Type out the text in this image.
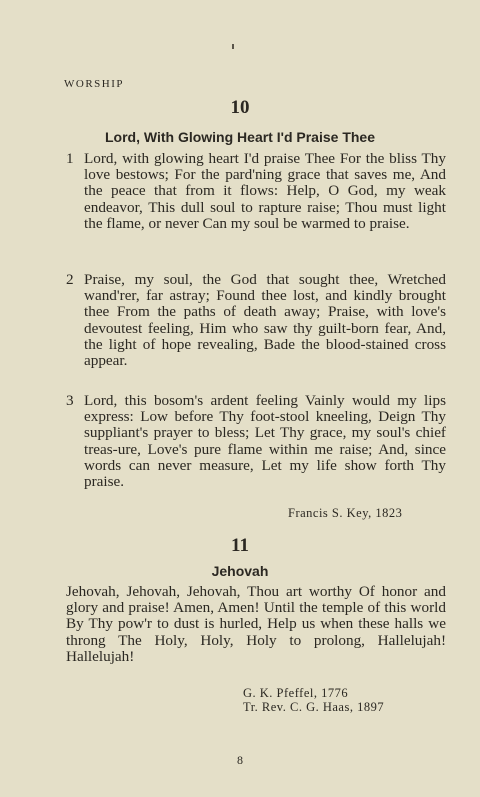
WORSHIP
10
Lord, With Glowing Heart I'd Praise Thee
1 Lord, with glowing heart I'd praise Thee For the bliss Thy love bestows; For the pard'ning grace that saves me, And the peace that from it flows: Help, O God, my weak endeavor, This dull soul to rapture raise; Thou must light the flame, or never Can my soul be warmed to praise.
2 Praise, my soul, the God that sought thee, Wretched wand'rer, far astray; Found thee lost, and kindly brought thee From the paths of death away; Praise, with love's devoutest feeling, Him who saw thy guilt-born fear, And, the light of hope revealing, Bade the blood-stained cross appear.
3 Lord, this bosom's ardent feeling Vainly would my lips express: Low before Thy foot-stool kneeling, Deign Thy suppliant's prayer to bless; Let Thy grace, my soul's chief treas-ure, Love's pure flame within me raise; And, since words can never measure, Let my life show forth Thy praise.
Francis S. Key, 1823
11
Jehovah
Jehovah, Jehovah, Jehovah, Thou art worthy Of honor and glory and praise! Amen, Amen! Until the temple of this world By Thy pow'r to dust is hurled, Help us when these halls we throng The Holy, Holy, Holy to prolong, Hallelujah! Hallelujah!
G. K. Pfeffel, 1776
Tr. Rev. C. G. Haas, 1897
8
